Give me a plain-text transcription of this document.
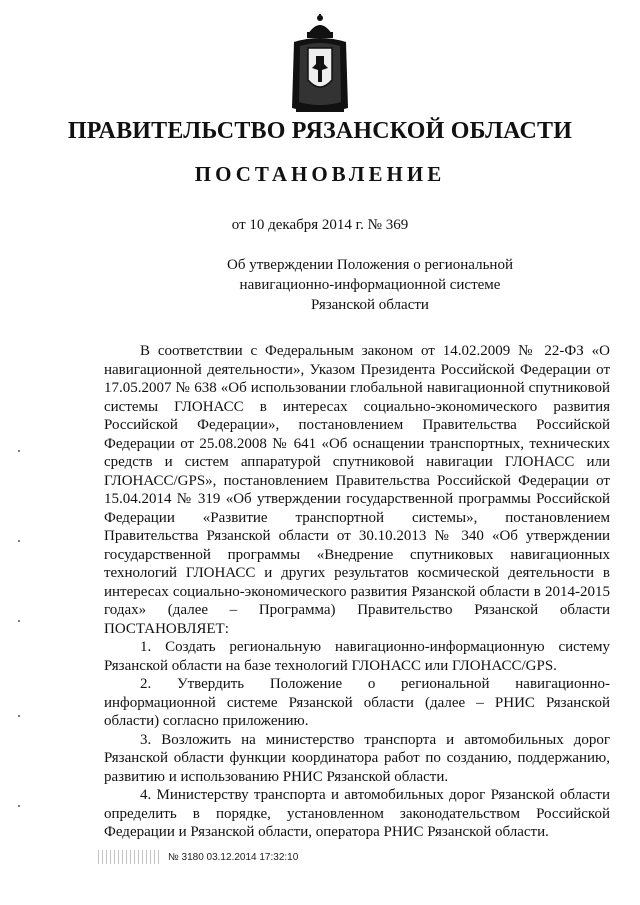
ПРАВИТЕЛЬСТВО РЯЗАНСКОЙ ОБЛАСТИ
ПОСТАНОВЛЕНИЕ
от 10 декабря 2014 г. № 369
Об утверждении Положения о региональной
навигационно-информационной системе
Рязанской области

В соответствии с Федеральным законом от 14.02.2009 № 22-ФЗ «О навигационной деятельности», Указом Президента Российской Федерации от 17.05.2007 № 638 «Об использовании глобальной навигационной спутниковой системы ГЛОНАСС в интересах социально-экономического развития Российской Федерации», постановлением Правительства Российской Федерации от 25.08.2008 № 641 «Об оснащении транспортных, технических средств и систем аппаратурой спутниковой навигации ГЛОНАСС или ГЛОНАСС/GPS», постановлением Правительства Российской Федерации от 15.04.2014 № 319 «Об утверждении государственной программы Российской Федерации «Развитие транспортной системы», постановлением Правительства Рязанской области от 30.10.2013 № 340 «Об утверждении государственной программы «Внедрение спутниковых навигационных технологий ГЛОНАСС и других результатов космической деятельности в интересах социально-экономического развития Рязанской области в 2014-2015 годах» (далее – Программа) Правительство Рязанской области ПОСТАНОВЛЯЕТ:

1. Создать региональную навигационно-информационную систему Рязанской области на базе технологий ГЛОНАСС или ГЛОНАСС/GPS.

2. Утвердить Положение о региональной навигационно-информационной системе Рязанской области (далее – РНИС Рязанской области) согласно приложению.

3. Возложить на министерство транспорта и автомобильных дорог Рязанской области функции координатора работ по созданию, поддержанию, развитию и использованию РНИС Рязанской области.

4. Министерству транспорта и автомобильных дорог Рязанской области определить в порядке, установленном законодательством Российской Федерации и Рязанской области, оператора РНИС Рязанской области.

№ 3180 03.12.2014 17:32:10
